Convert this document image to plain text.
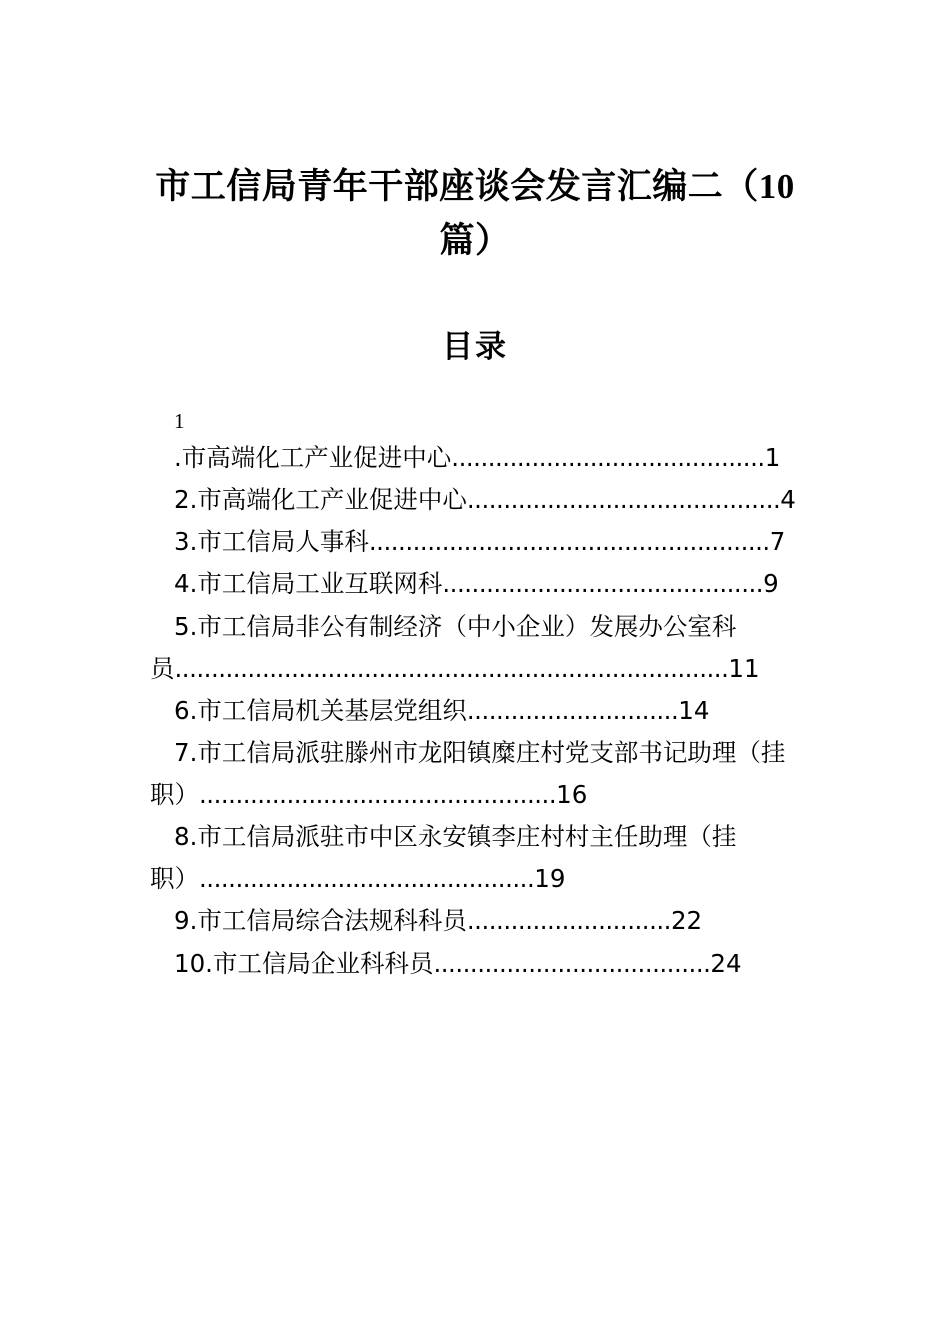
市工信局青年干部座谈会发言汇编二（10篇）
目录
1
.市高端化工产业促进中心...........................................1
2.市高端化工产业促进中心...........................................4
3.市工信局人事科.......................................................7
4.市工信局工业互联网科............................................9
5.市工信局非公有制经济（中小企业）发展办公室科员............................................................................11
6.市工信局机关基层党组织.............................14
7.市工信局派驻滕州市龙阳镇糜庄村党支部书记助理（挂职）.................................................16
8.市工信局派驻市中区永安镇李庄村村主任助理（挂职）..............................................19
9.市工信局综合法规科科员............................22
10.市工信局企业科科员......................................24
